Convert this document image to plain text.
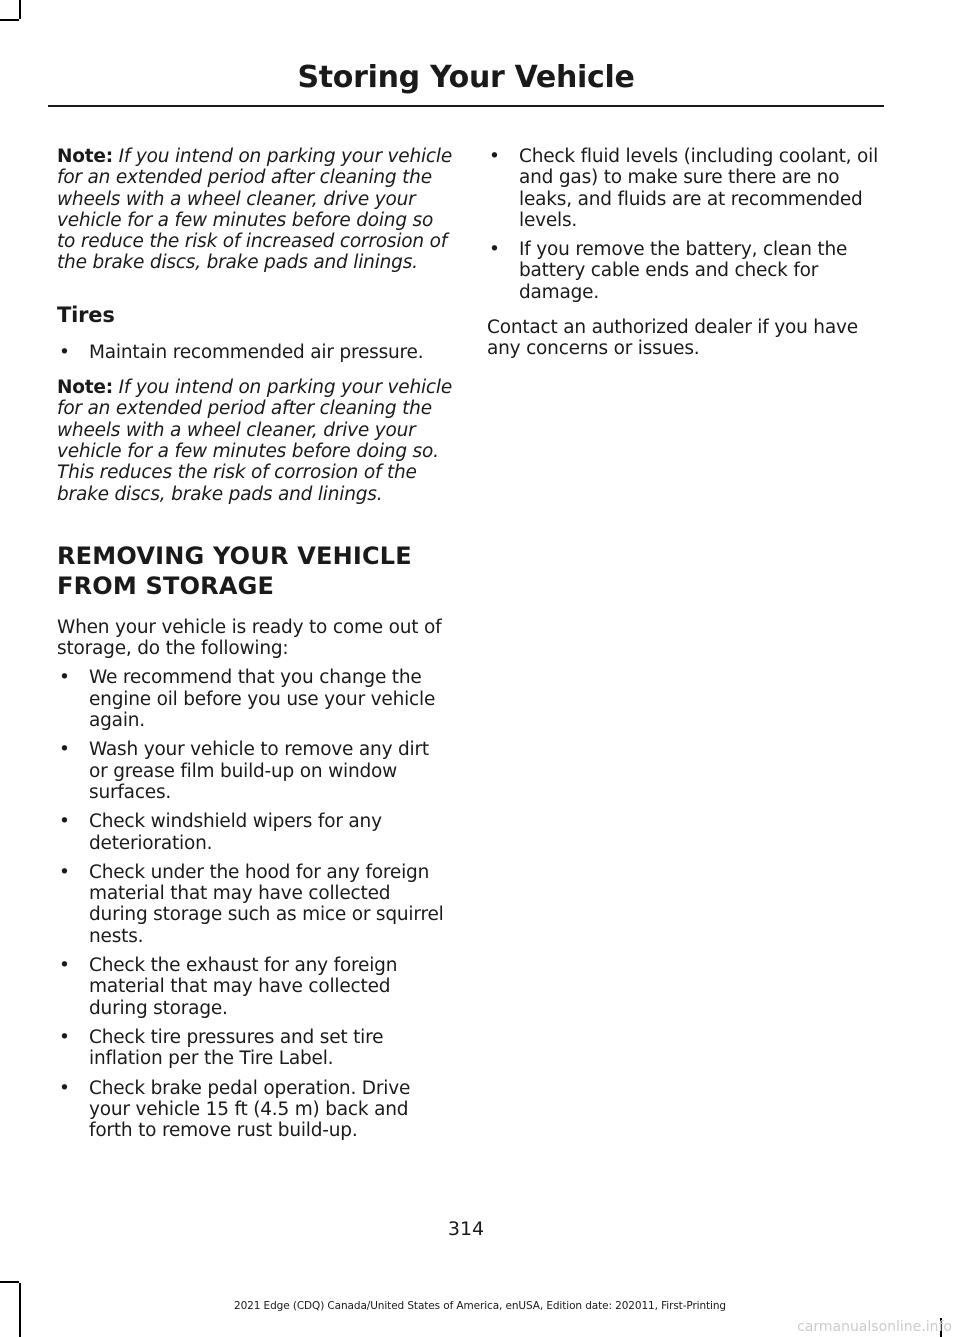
Storing Your Vehicle

Note: If you intend on parking your vehicle for an extended period after cleaning the wheels with a wheel cleaner, drive your vehicle for a few minutes before doing so to reduce the risk of increased corrosion of the brake discs, brake pads and linings.

Tires
• Maintain recommended air pressure.

Note: If you intend on parking your vehicle for an extended period after cleaning the wheels with a wheel cleaner, drive your vehicle for a few minutes before doing so. This reduces the risk of corrosion of the brake discs, brake pads and linings.

REMOVING YOUR VEHICLE
FROM STORAGE

When your vehicle is ready to come out of storage, do the following:

• We recommend that you change the engine oil before you use your vehicle again.
• Wash your vehicle to remove any dirt or grease film build-up on window surfaces.
• Check windshield wipers for any deterioration.
• Check under the hood for any foreign material that may have collected during storage such as mice or squirrel nests.
• Check the exhaust for any foreign material that may have collected during storage.
• Check tire pressures and set tire inflation per the Tire Label.
• Check brake pedal operation. Drive your vehicle 15 ft (4.5 m) back and forth to remove rust build-up.
• Check fluid levels (including coolant, oil and gas) to make sure there are no leaks, and fluids are at recommended levels.
• If you remove the battery, clean the battery cable ends and check for damage.

Contact an authorized dealer if you have any concerns or issues.

314
2021 Edge (CDQ) Canada/United States of America, enUSA, Edition date: 202011, First-Printing
carmanualsonline.info
